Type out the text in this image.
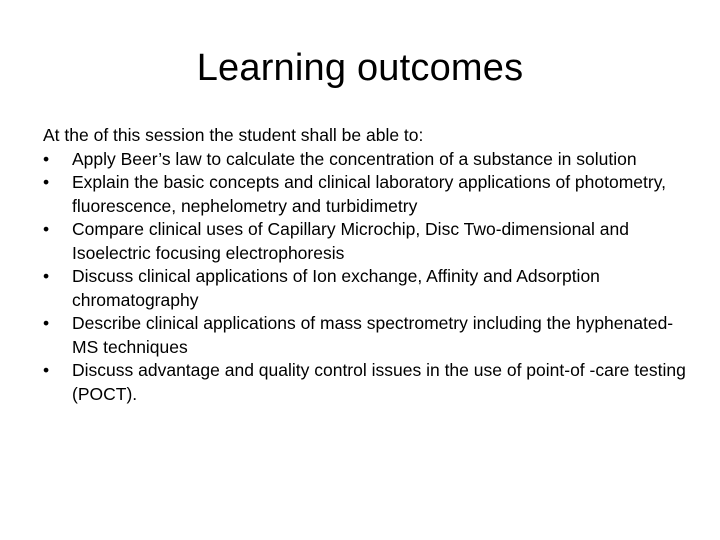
Learning outcomes

At the of this session the student shall be able to:

•	Apply Beer’s law to calculate the concentration of a substance in solution
•	Explain the basic concepts and clinical laboratory applications of photometry, fluorescence, nephelometry and turbidimetry
•	Compare clinical uses of Capillary Microchip, Disc Two-dimensional and Isoelectric focusing electrophoresis
•	Discuss clinical applications of Ion exchange, Affinity and Adsorption chromatography
•	Describe clinical applications of mass spectrometry including the hyphenated-MS techniques
•	Discuss advantage and quality control issues in the use of point-of -care testing (POCT).
